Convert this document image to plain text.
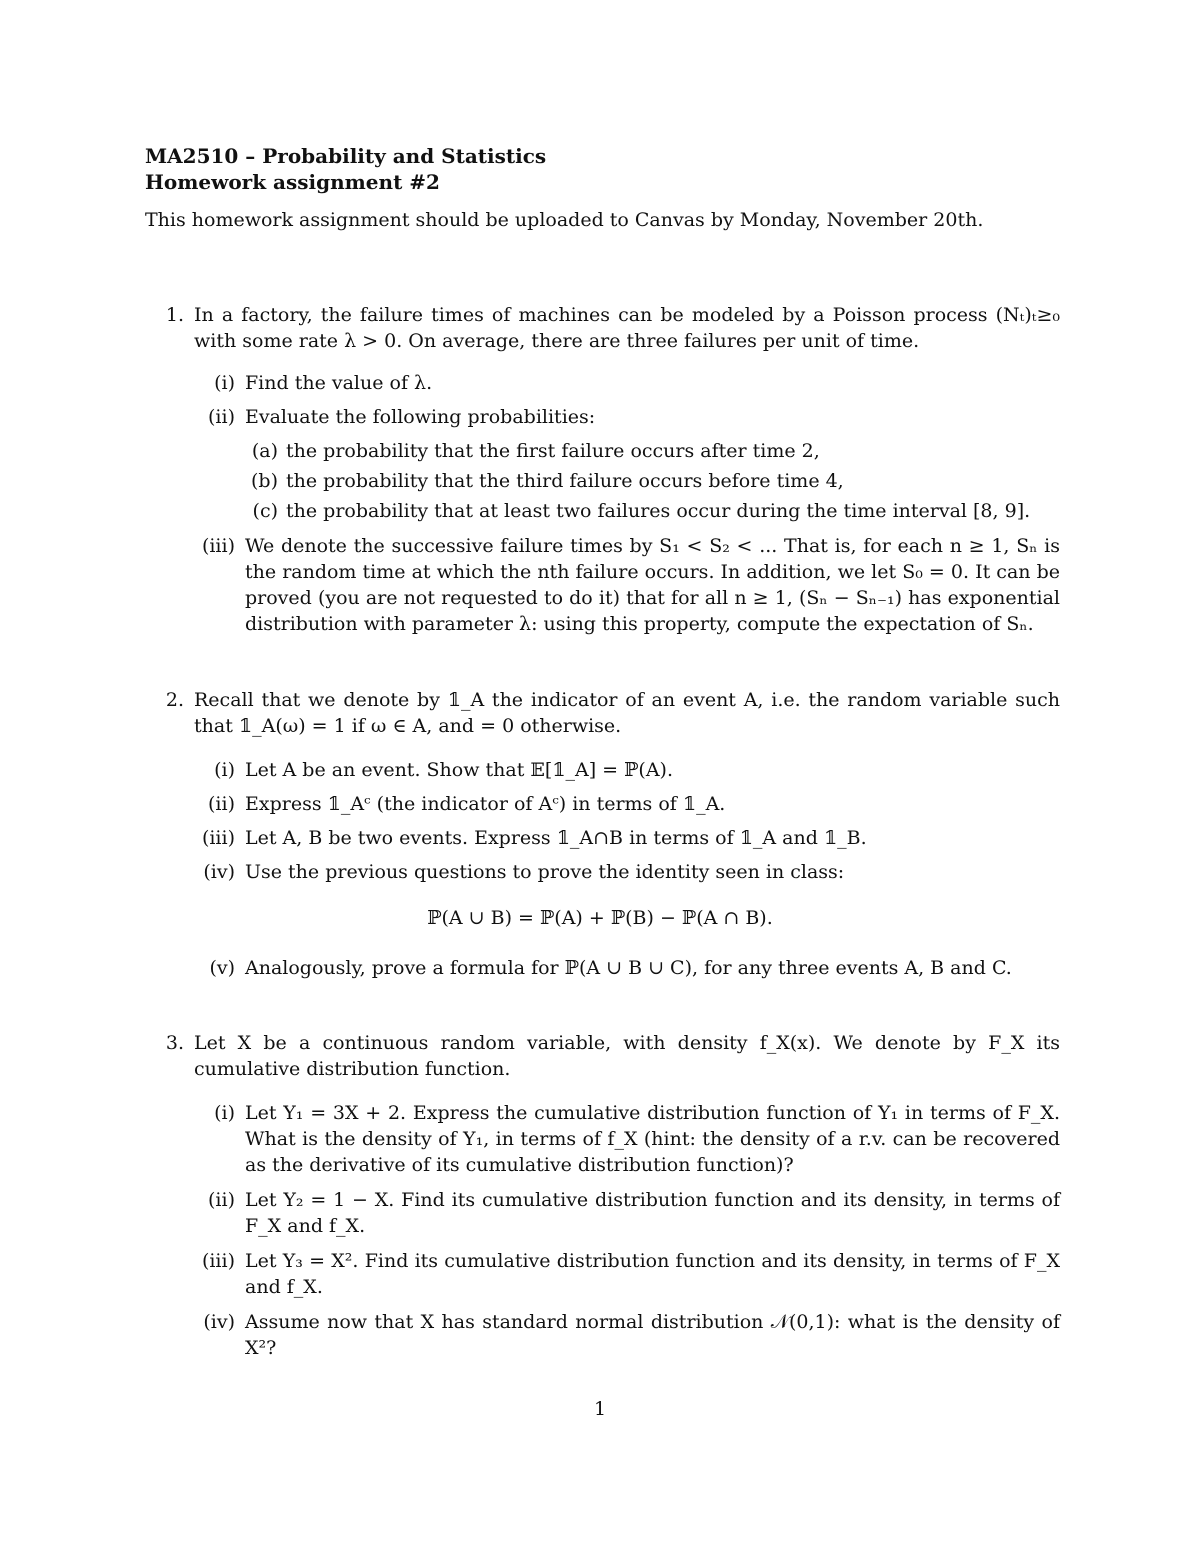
MA2510 – Probability and Statistics
Homework assignment #2
This homework assignment should be uploaded to Canvas by Monday, November 20th.
1. In a factory, the failure times of machines can be modeled by a Poisson process (Nₜ)ₜ≥₀ with some rate λ > 0. On average, there are three failures per unit of time.
(i) Find the value of λ.
(ii) Evaluate the following probabilities:
(a) the probability that the first failure occurs after time 2,
(b) the probability that the third failure occurs before time 4,
(c) the probability that at least two failures occur during the time interval [8, 9].
(iii) We denote the successive failure times by S₁ < S₂ < ... That is, for each n ≥ 1, Sₙ is the random time at which the nth failure occurs. In addition, we let S₀ = 0. It can be proved (you are not requested to do it) that for all n ≥ 1, (Sₙ − Sₙ₋₁) has exponential distribution with parameter λ: using this property, compute the expectation of Sₙ.
2. Recall that we denote by 𝟙_A the indicator of an event A, i.e. the random variable such that 𝟙_A(ω) = 1 if ω ∈ A, and = 0 otherwise.
(i) Let A be an event. Show that 𝔼[𝟙_A] = ℙ(A).
(ii) Express 𝟙_Aᶜ (the indicator of Aᶜ) in terms of 𝟙_A.
(iii) Let A, B be two events. Express 𝟙_A∩B in terms of 𝟙_A and 𝟙_B.
(iv) Use the previous questions to prove the identity seen in class:
ℙ(A ∪ B) = ℙ(A) + ℙ(B) − ℙ(A ∩ B).
(v) Analogously, prove a formula for ℙ(A ∪ B ∪ C), for any three events A, B and C.
3. Let X be a continuous random variable, with density f_X(x). We denote by F_X its cumulative distribution function.
(i) Let Y₁ = 3X + 2. Express the cumulative distribution function of Y₁ in terms of F_X. What is the density of Y₁, in terms of f_X (hint: the density of a r.v. can be recovered as the derivative of its cumulative distribution function)?
(ii) Let Y₂ = 1 − X. Find its cumulative distribution function and its density, in terms of F_X and f_X.
(iii) Let Y₃ = X². Find its cumulative distribution function and its density, in terms of F_X and f_X.
(iv) Assume now that X has standard normal distribution 𝒩(0,1): what is the density of X²?
1
